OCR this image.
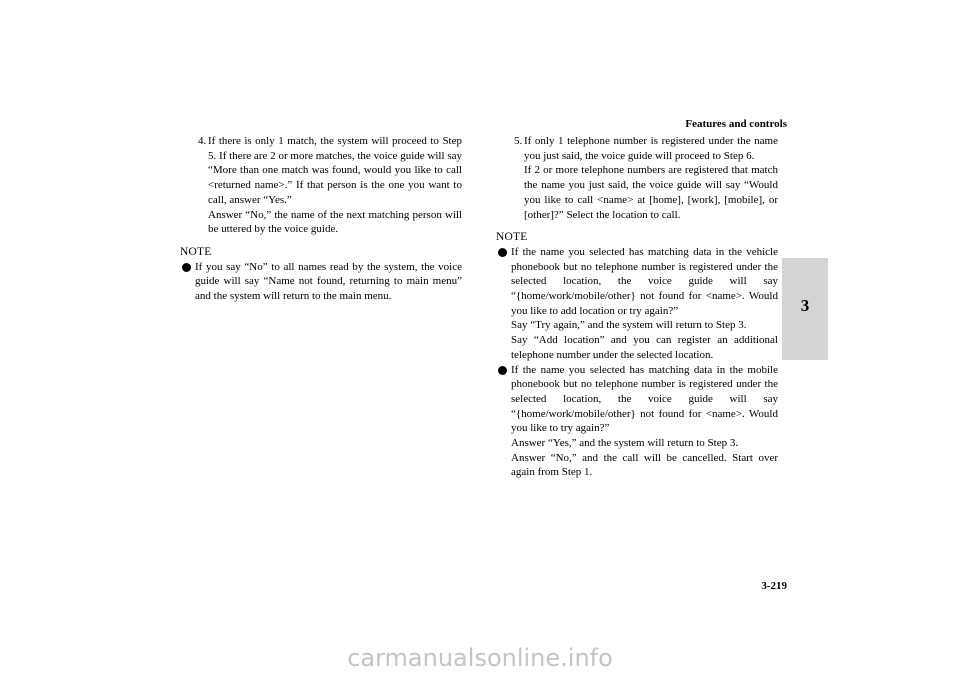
Features and controls
3
4. If there is only 1 match, the system will proceed to Step 5. If there are 2 or more matches, the voice guide will say “More than one match was found, would you like to call <returned name>.” If that person is the one you want to call, answer “Yes.”

Answer “No,” the name of the next matching person will be uttered by the voice guide.

NOTE

If you say “No” to all names read by the system, the voice guide will say “Name not found, returning to main menu” and the system will return to the main menu.

5. If only 1 telephone number is registered under the name you just said, the voice guide will proceed to Step 6.

If 2 or more telephone numbers are registered that match the name you just said, the voice guide will say “Would you like to call <name> at [home], [work], [mobile], or [other]?” Select the location to call.

NOTE

If the name you selected has matching data in the vehicle phonebook but no telephone number is registered under the selected location, the voice guide will say “{home/work/mobile/other} not found for <name>. Would you like to add location or try again?”

Say “Try again,” and the system will return to Step 3.

Say “Add location” and you can register an additional telephone number under the selected location.

If the name you selected has matching data in the mobile phonebook but no telephone number is registered under the selected location, the voice guide will say “{home/work/mobile/other} not found for <name>. Would you like to try again?”

Answer “Yes,” and the system will return to Step 3.

Answer “No,” and the call will be cancelled. Start over again from Step 1.

3-219
carmanualsonline.info
